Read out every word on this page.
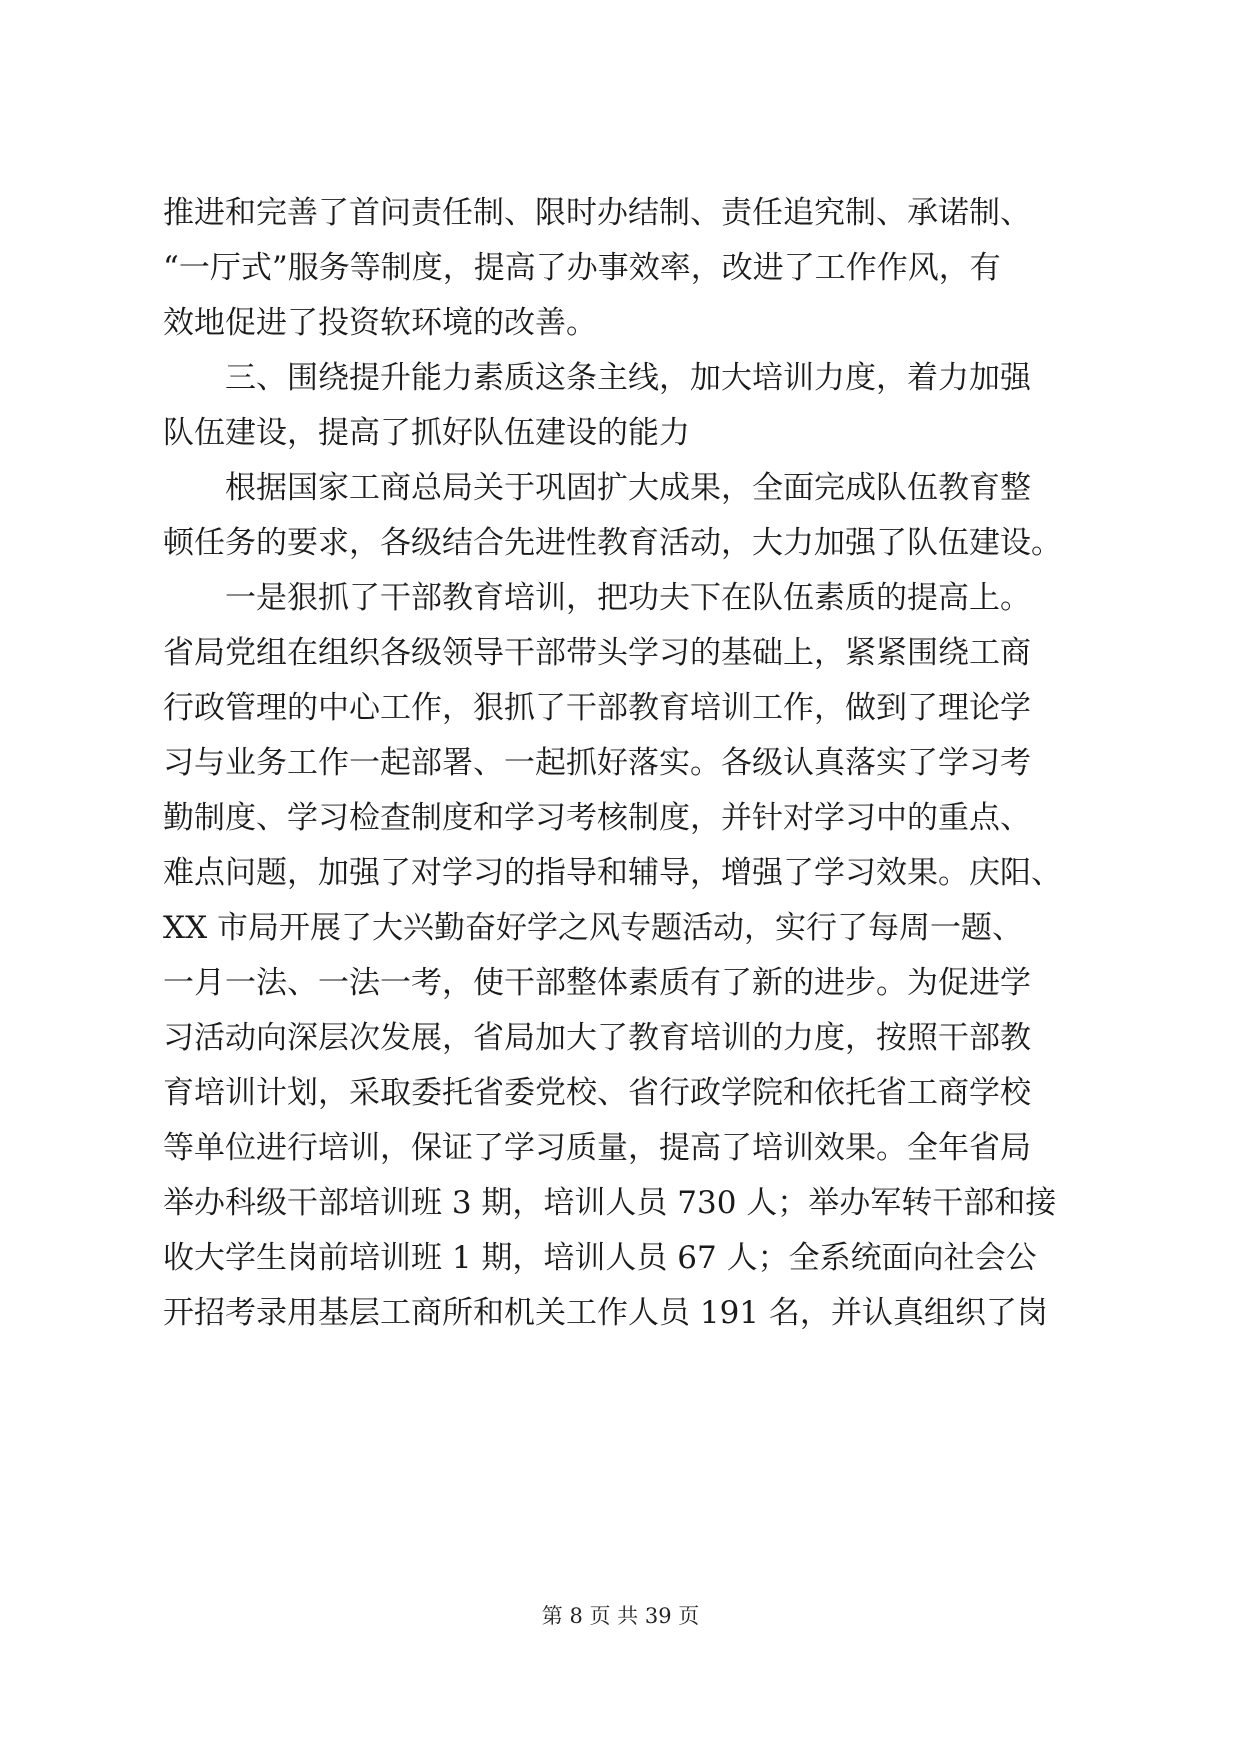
推进和完善了首问责任制、限时办结制、责任追究制、承诺制、
“一厅式”服务等制度，提高了办事效率，改进了工作作风，有
效地促进了投资软环境的改善。
三、围绕提升能力素质这条主线，加大培训力度，着力加强
队伍建设，提高了抓好队伍建设的能力
根据国家工商总局关于巩固扩大成果，全面完成队伍教育整
顿任务的要求，各级结合先进性教育活动，大力加强了队伍建设。
一是狠抓了干部教育培训，把功夫下在队伍素质的提高上。
省局党组在组织各级领导干部带头学习的基础上，紧紧围绕工商
行政管理的中心工作，狠抓了干部教育培训工作，做到了理论学
习与业务工作一起部署、一起抓好落实。各级认真落实了学习考
勤制度、学习检查制度和学习考核制度，并针对学习中的重点、
难点问题，加强了对学习的指导和辅导，增强了学习效果。庆阳、
XX 市局开展了大兴勤奋好学之风专题活动，实行了每周一题、
一月一法、一法一考，使干部整体素质有了新的进步。为促进学
习活动向深层次发展，省局加大了教育培训的力度，按照干部教
育培训计划，采取委托省委党校、省行政学院和依托省工商学校
等单位进行培训，保证了学习质量，提高了培训效果。全年省局
举办科级干部培训班 3 期，培训人员 730 人；举办军转干部和接
收大学生岗前培训班 1 期，培训人员 67 人；全系统面向社会公
开招考录用基层工商所和机关工作人员 191 名，并认真组织了岗
第 8 页 共 39 页
